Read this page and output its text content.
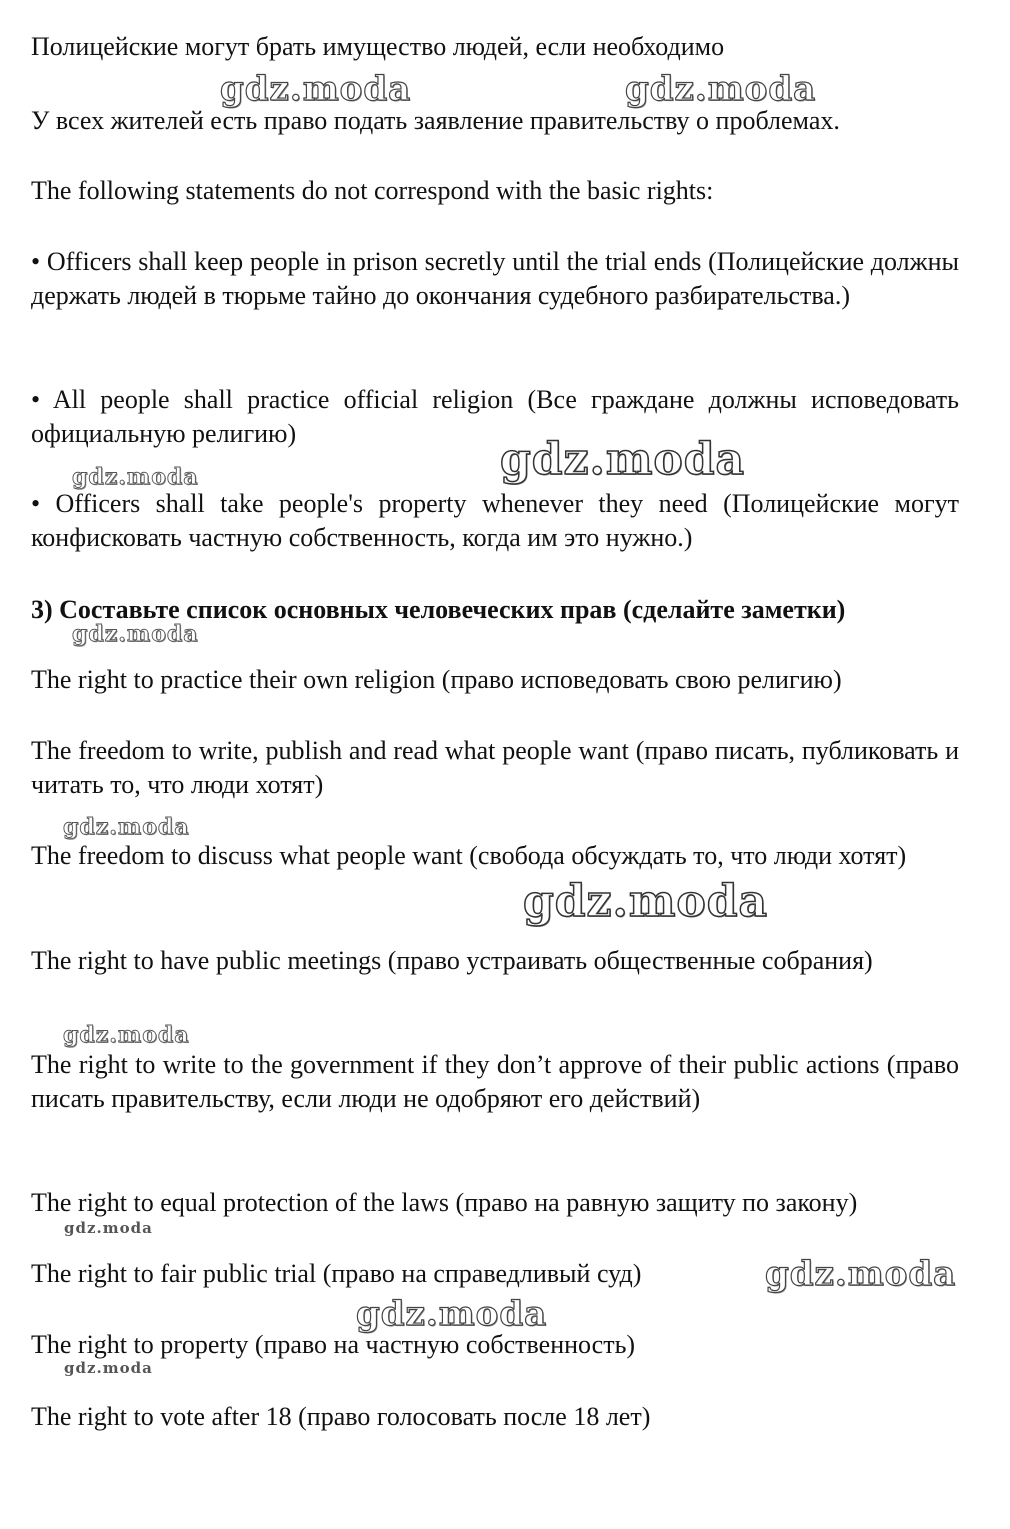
Полицейские могут брать имущество людей, если необходимо

У всех жителей есть право подать заявление правительству о проблемах.

The following statements do not correspond with the basic rights:

• Officers shall keep people in prison secretly until the trial ends (Полицейские должны держать людей в тюрьме тайно до окончания судебного разбирательства.)

• All people shall practice official religion (Все граждане должны исповедовать официальную религию)

• Officers shall take people's property whenever they need (Полицейские могут конфисковать частную собственность, когда им это нужно.)

3) Составьте список основных человеческих прав (сделайте заметки)

The right to practice their own religion (право исповедовать свою религию)

The freedom to write, publish and read what people want (право писать, публиковать и читать то, что люди хотят)

The freedom to discuss what people want (свобода обсуждать то, что люди хотят)

The right to have public meetings (право устраивать общественные собрания)

The right to write to the government if they don’t approve of their public actions (право писать правительству, если люди не одобряют его действий)

The right to equal protection of the laws (право на равную защиту по закону)

The right to fair public trial (право на справедливый суд)

The right to property (право на частную собственность)

The right to vote after 18 (право голосовать после 18 лет)

gdz.moda	gdz.moda
gdz.moda	gdz.moda
gdz.moda
gdz.moda
gdz.moda
gdz.moda
gdz.moda
gdz.moda
gdz.moda
gdz.moda
